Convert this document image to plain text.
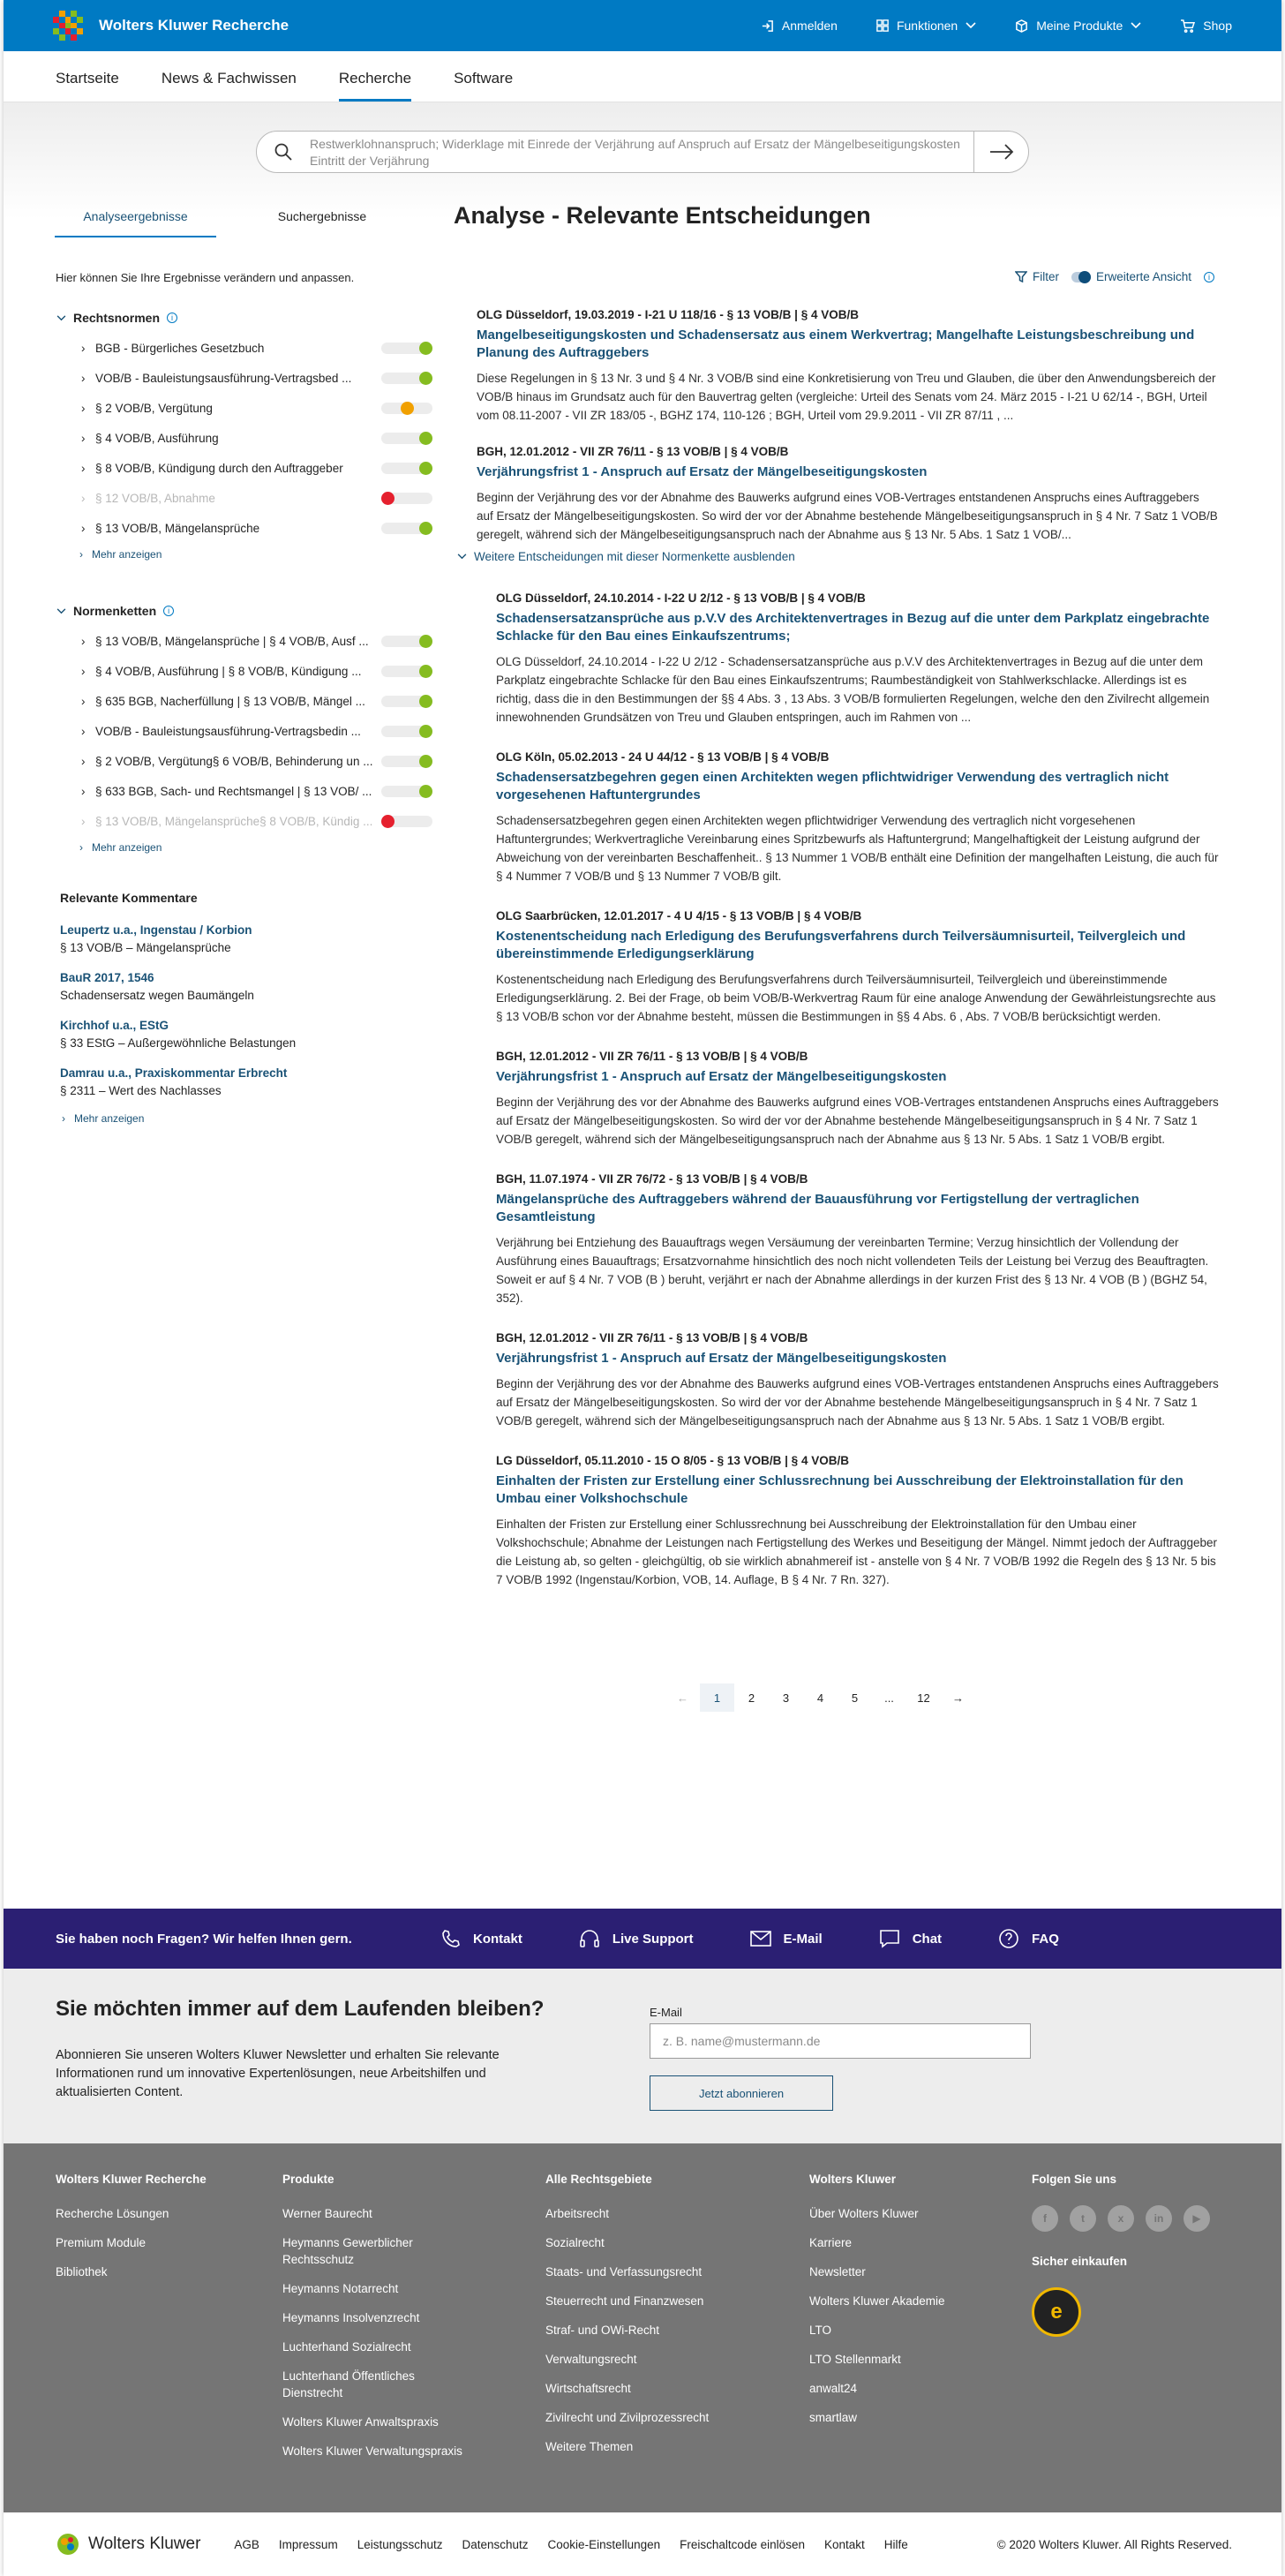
Wolters Kluwer Recherche	Anmelden	Funktionen	Meine Produkte	Shop
Startseite	News & Fachwissen	Recherche	Software
Restwerklohnanspruch; Widerklage mit Einrede der Verjährung auf Anspruch auf Ersatz der Mängelbeseitigungskosten Eintritt der Verjährung
Analyseergebnisse	Suchergebnisse	Analyse - Relevante Entscheidungen
Hier können Sie Ihre Ergebnisse verändern und anpassen.	Filter	Erweiterte Ansicht	i
Rechtsnormen	i
› BGB - Bürgerliches Gesetzbuch
› VOB/B - Bauleistungsausführung-Vertragsbed ...
› § 2 VOB/B, Vergütung
› § 4 VOB/B, Ausführung
› § 8 VOB/B, Kündigung durch den Auftraggeber
› § 12 VOB/B, Abnahme
› § 13 VOB/B, Mängelansprüche
› Mehr anzeigen
Normenketten	i
› § 13 VOB/B, Mängelansprüche | § 4 VOB/B, Ausf ...
› § 4 VOB/B, Ausführung | § 8 VOB/B, Kündigung ...
› § 635 BGB, Nacherfüllung | § 13 VOB/B, Mängel ...
› VOB/B - Bauleistungsausführung-Vertragsbedin ...
› § 2 VOB/B, Vergütung§ 6 VOB/B, Behinderung un ...
› § 633 BGB, Sach- und Rechtsmangel | § 13 VOB/ ...
› § 13 VOB/B, Mängelansprüche§ 8 VOB/B, Kündig ...
› Mehr anzeigen
Relevante Kommentare
Leupertz u.a., Ingenstau / Korbion
§ 13 VOB/B – Mängelansprüche
BauR 2017, 1546
Schadensersatz wegen Baumängeln
Kirchhof u.a., EStG
§ 33 EStG – Außergewöhnliche Belastungen
Damrau u.a., Praxiskommentar Erbrecht
§ 2311 – Wert des Nachlasses
› Mehr anzeigen
OLG Düsseldorf, 19.03.2019 - I-21 U 118/16 - § 13 VOB/B | § 4 VOB/B
Mangelbeseitigungskosten und Schadensersatz aus einem Werkvertrag; Mangelhafte Leistungsbeschreibung und Planung des Auftraggebers
Diese Regelungen in § 13 Nr. 3 und § 4 Nr. 3 VOB/B sind eine Konkretisierung von Treu und Glauben, die über den Anwendungsbereich der VOB/B hinaus im Grundsatz auch für den Bauvertrag gelten (vergleiche: Urteil des Senats vom 24. März 2015 - I-21 U 62/14 -, BGH, Urteil vom 08.11-2007 - VII ZR 183/05 -, BGHZ 174, 110-126 ; BGH, Urteil vom 29.9.2011 - VII ZR 87/11 , ...
BGH, 12.01.2012 - VII ZR 76/11 - § 13 VOB/B | § 4 VOB/B
Verjährungsfrist 1 - Anspruch auf Ersatz der Mängelbeseitigungskosten
Beginn der Verjährung des vor der Abnahme des Bauwerks aufgrund eines VOB-Vertrages entstandenen Anspruchs eines Auftraggebers auf Ersatz der Mängelbeseitigungskosten. So wird der vor der Abnahme bestehende Mängelbeseitigungsanspruch in § 4 Nr. 7 Satz 1 VOB/B geregelt, während sich der Mängelbeseitigungsanspruch nach der Abnahme aus § 13 Nr. 5 Abs. 1 Satz 1 VOB/...
Weitere Entscheidungen mit dieser Normenkette ausblenden
OLG Düsseldorf, 24.10.2014 - I-22 U 2/12 - § 13 VOB/B | § 4 VOB/B
Schadensersatzansprüche aus p.V.V des Architektenvertrages in Bezug auf die unter dem Parkplatz eingebrachte Schlacke für den Bau eines Einkaufszentrums;
OLG Düsseldorf, 24.10.2014 - I-22 U 2/12 - Schadensersatzansprüche aus p.V.V des Architektenvertrages in Bezug auf die unter dem Parkplatz eingebrachte Schlacke für den Bau eines Einkaufszentrums; Raumbeständigkeit von Stahlwerkschlacke. Allerdings ist es richtig, dass die in den Bestimmungen der §§ 4 Abs. 3 , 13 Abs. 3 VOB/B formulierten Regelungen, welche den den Zivilrecht allgemein innewohnenden Grundsätzen von Treu und Glauben entspringen, auch im Rahmen von ...
OLG Köln, 05.02.2013 - 24 U 44/12 - § 13 VOB/B | § 4 VOB/B
Schadensersatzbegehren gegen einen Architekten wegen pflichtwidriger Verwendung des vertraglich nicht vorgesehenen Haftuntergrundes
Schadensersatzbegehren gegen einen Architekten wegen pflichtwidriger Verwendung des vertraglich nicht vorgesehenen Haftuntergrundes; Werkvertragliche Vereinbarung eines Spritzbewurfs als Haftuntergrund; Mangelhaftigkeit der Leistung aufgrund der Abweichung von der vereinbarten Beschaffenheit.. § 13 Nummer 1 VOB/B enthält eine Definition der mangelhaften Leistung, die auch für § 4 Nummer 7 VOB/B und § 13 Nummer 7 VOB/B gilt.
OLG Saarbrücken, 12.01.2017 - 4 U 4/15 - § 13 VOB/B | § 4 VOB/B
Kostenentscheidung nach Erledigung des Berufungsverfahrens durch Teilversäumnisurteil, Teilvergleich und übereinstimmende Erledigungserklärung
Kostenentscheidung nach Erledigung des Berufungsverfahrens durch Teilversäumnisurteil, Teilvergleich und übereinstimmende Erledigungserklärung. 2. Bei der Frage, ob beim VOB/B-Werkvertrag Raum für eine analoge Anwendung der Gewährleistungsrechte aus § 13 VOB/B schon vor der Abnahme besteht, müssen die Bestimmungen in §§ 4 Abs. 6 , Abs. 7 VOB/B berücksichtigt werden.
BGH, 12.01.2012 - VII ZR 76/11 - § 13 VOB/B | § 4 VOB/B
Verjährungsfrist 1 - Anspruch auf Ersatz der Mängelbeseitigungskosten
Beginn der Verjährung des vor der Abnahme des Bauwerks aufgrund eines VOB-Vertrages entstandenen Anspruchs eines Auftraggebers auf Ersatz der Mängelbeseitigungskosten. So wird der vor der Abnahme bestehende Mängelbeseitigungsanspruch in § 4 Nr. 7 Satz 1 VOB/B geregelt, während sich der Mängelbeseitigungsanspruch nach der Abnahme aus § 13 Nr. 5 Abs. 1 Satz 1 VOB/B ergibt.
BGH, 11.07.1974 - VII ZR 76/72 - § 13 VOB/B | § 4 VOB/B
Mängelansprüche des Auftraggebers während der Bauausführung vor Fertigstellung der vertraglichen Gesamtleistung
Verjährung bei Entziehung des Bauauftrags wegen Versäumung der vereinbarten Termine; Verzug hinsichtlich der Vollendung der Ausführung eines Bauauftrags; Ersatzvornahme hinsichtlich des noch nicht vollendeten Teils der Leistung bei Verzug des Beauftragten. Soweit er auf § 4 Nr. 7 VOB (B ) beruht, verjährt er nach der Abnahme allerdings in der kurzen Frist des § 13 Nr. 4 VOB (B ) (BGHZ 54, 352).
BGH, 12.01.2012 - VII ZR 76/11 - § 13 VOB/B | § 4 VOB/B
Verjährungsfrist 1 - Anspruch auf Ersatz der Mängelbeseitigungskosten
Beginn der Verjährung des vor der Abnahme des Bauwerks aufgrund eines VOB-Vertrages entstandenen Anspruchs eines Auftraggebers auf Ersatz der Mängelbeseitigungskosten. So wird der vor der Abnahme bestehende Mängelbeseitigungsanspruch in § 4 Nr. 7 Satz 1 VOB/B geregelt, während sich der Mängelbeseitigungsanspruch nach der Abnahme aus § 13 Nr. 5 Abs. 1 Satz 1 VOB/B ergibt.
LG Düsseldorf, 05.11.2010 - 15 O 8/05 - § 13 VOB/B | § 4 VOB/B
Einhalten der Fristen zur Erstellung einer Schlussrechnung bei Ausschreibung der Elektroinstallation für den Umbau einer Volkshochschule
Einhalten der Fristen zur Erstellung einer Schlussrechnung bei Ausschreibung der Elektroinstallation für den Umbau einer Volkshochschule; Abnahme der Leistungen nach Fertigstellung des Werkes und Beseitigung der Mängel. Nimmt jedoch der Auftraggeber die Leistung ab, so gelten - gleichgültig, ob sie wirklich abnahmereif ist - anstelle von § 4 Nr. 7 VOB/B 1992 die Regeln des § 13 Nr. 5 bis 7 VOB/B 1992 (Ingenstau/Korbion, VOB, 14. Auflage, B § 4 Nr. 7 Rn. 327).
←	1	2	3	4	5	...	12	→
Sie haben noch Fragen? Wir helfen Ihnen gern.	Kontakt	Live Support	E-Mail	Chat	FAQ
Sie möchten immer auf dem Laufenden bleiben?

Abonnieren Sie unseren Wolters Kluwer Newsletter und erhalten Sie relevante Informationen rund um innovative Expertenlösungen, neue Arbeitshilfen und aktualisierten Content.

E-Mail
z. B. name@mustermann.de
Jetzt abonnieren
Wolters Kluwer Recherche
Recherche Lösungen
Premium Module
Bibliothek
Produkte
Werner Baurecht
Heymanns Gewerblicher Rechtsschutz
Heymanns Notarrecht
Heymanns Insolvenzrecht
Luchterhand Sozialrecht
Luchterhand Öffentliches Dienstrecht
Wolters Kluwer Anwaltspraxis
Wolters Kluwer Verwaltungspraxis
Alle Rechtsgebiete
Arbeitsrecht
Sozialrecht
Staats- und Verfassungsrecht
Steuerrecht und Finanzwesen
Straf- und OWi-Recht
Verwaltungsrecht
Wirtschaftsrecht
Zivilrecht und Zivilprozessrecht
Weitere Themen
Wolters Kluwer
Über Wolters Kluwer
Karriere
Newsletter
Wolters Kluwer Akademie
LTO
LTO Stellenmarkt
anwalt24
smartlaw
Folgen Sie uns
f	t	x	in	▶
Sicher einkaufen
e
Wolters Kluwer	AGB Impressum Leistungsschutz Datenschutz Cookie-Einstellungen Freischaltcode einlösen Kontakt Hilfe	© 2020 Wolters Kluwer. All Rights Reserved.
